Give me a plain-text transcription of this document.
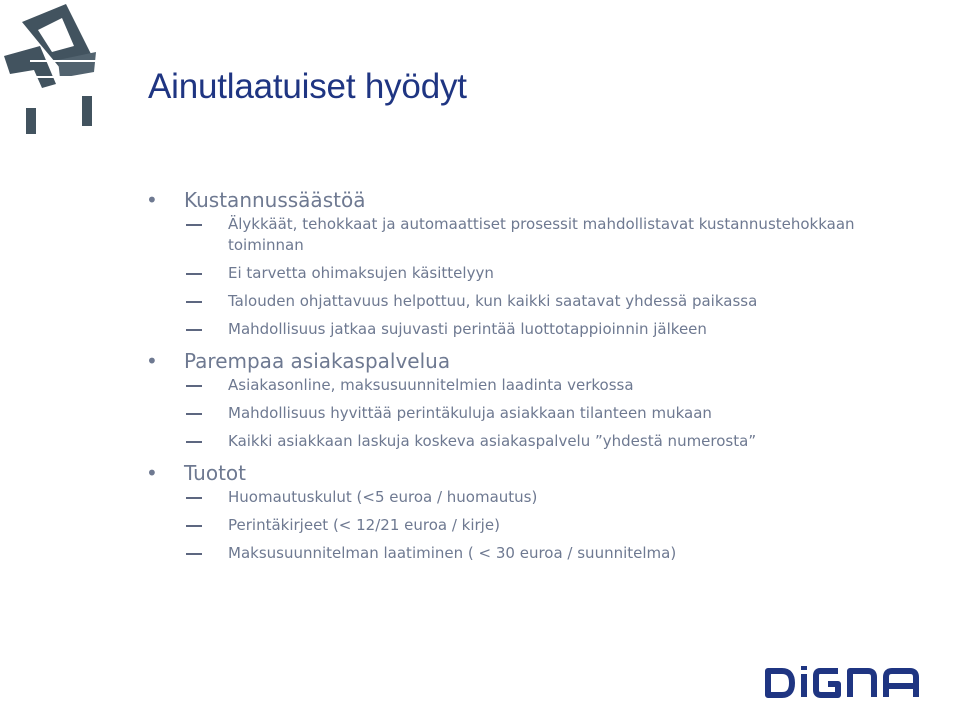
Ainutlaatuiset hyödyt
• Kustannussäästöä
Älykkäät, tehokkaat ja automaattiset prosessit mahdollistavat kustannustehokkaan toiminnan
Ei tarvetta ohimaksujen käsittelyyn
Talouden ohjattavuus helpottuu, kun kaikki saatavat yhdessä paikassa
Mahdollisuus jatkaa sujuvasti perintää luottotappioinnin jälkeen
• Parempaa asiakaspalvelua
Asiakasonline, maksusuunnitelmien laadinta verkossa
Mahdollisuus hyvittää perintäkuluja asiakkaan tilanteen mukaan
Kaikki asiakkaan laskuja koskeva asiakaspalvelu ”yhdestä numerosta”
• Tuotot
Huomautuskulut (<5 euroa / huomautus)
Perintäkirjeet (< 12/21 euroa / kirje)
Maksusuunnitelman laatiminen ( < 30 euroa / suunnitelma)
